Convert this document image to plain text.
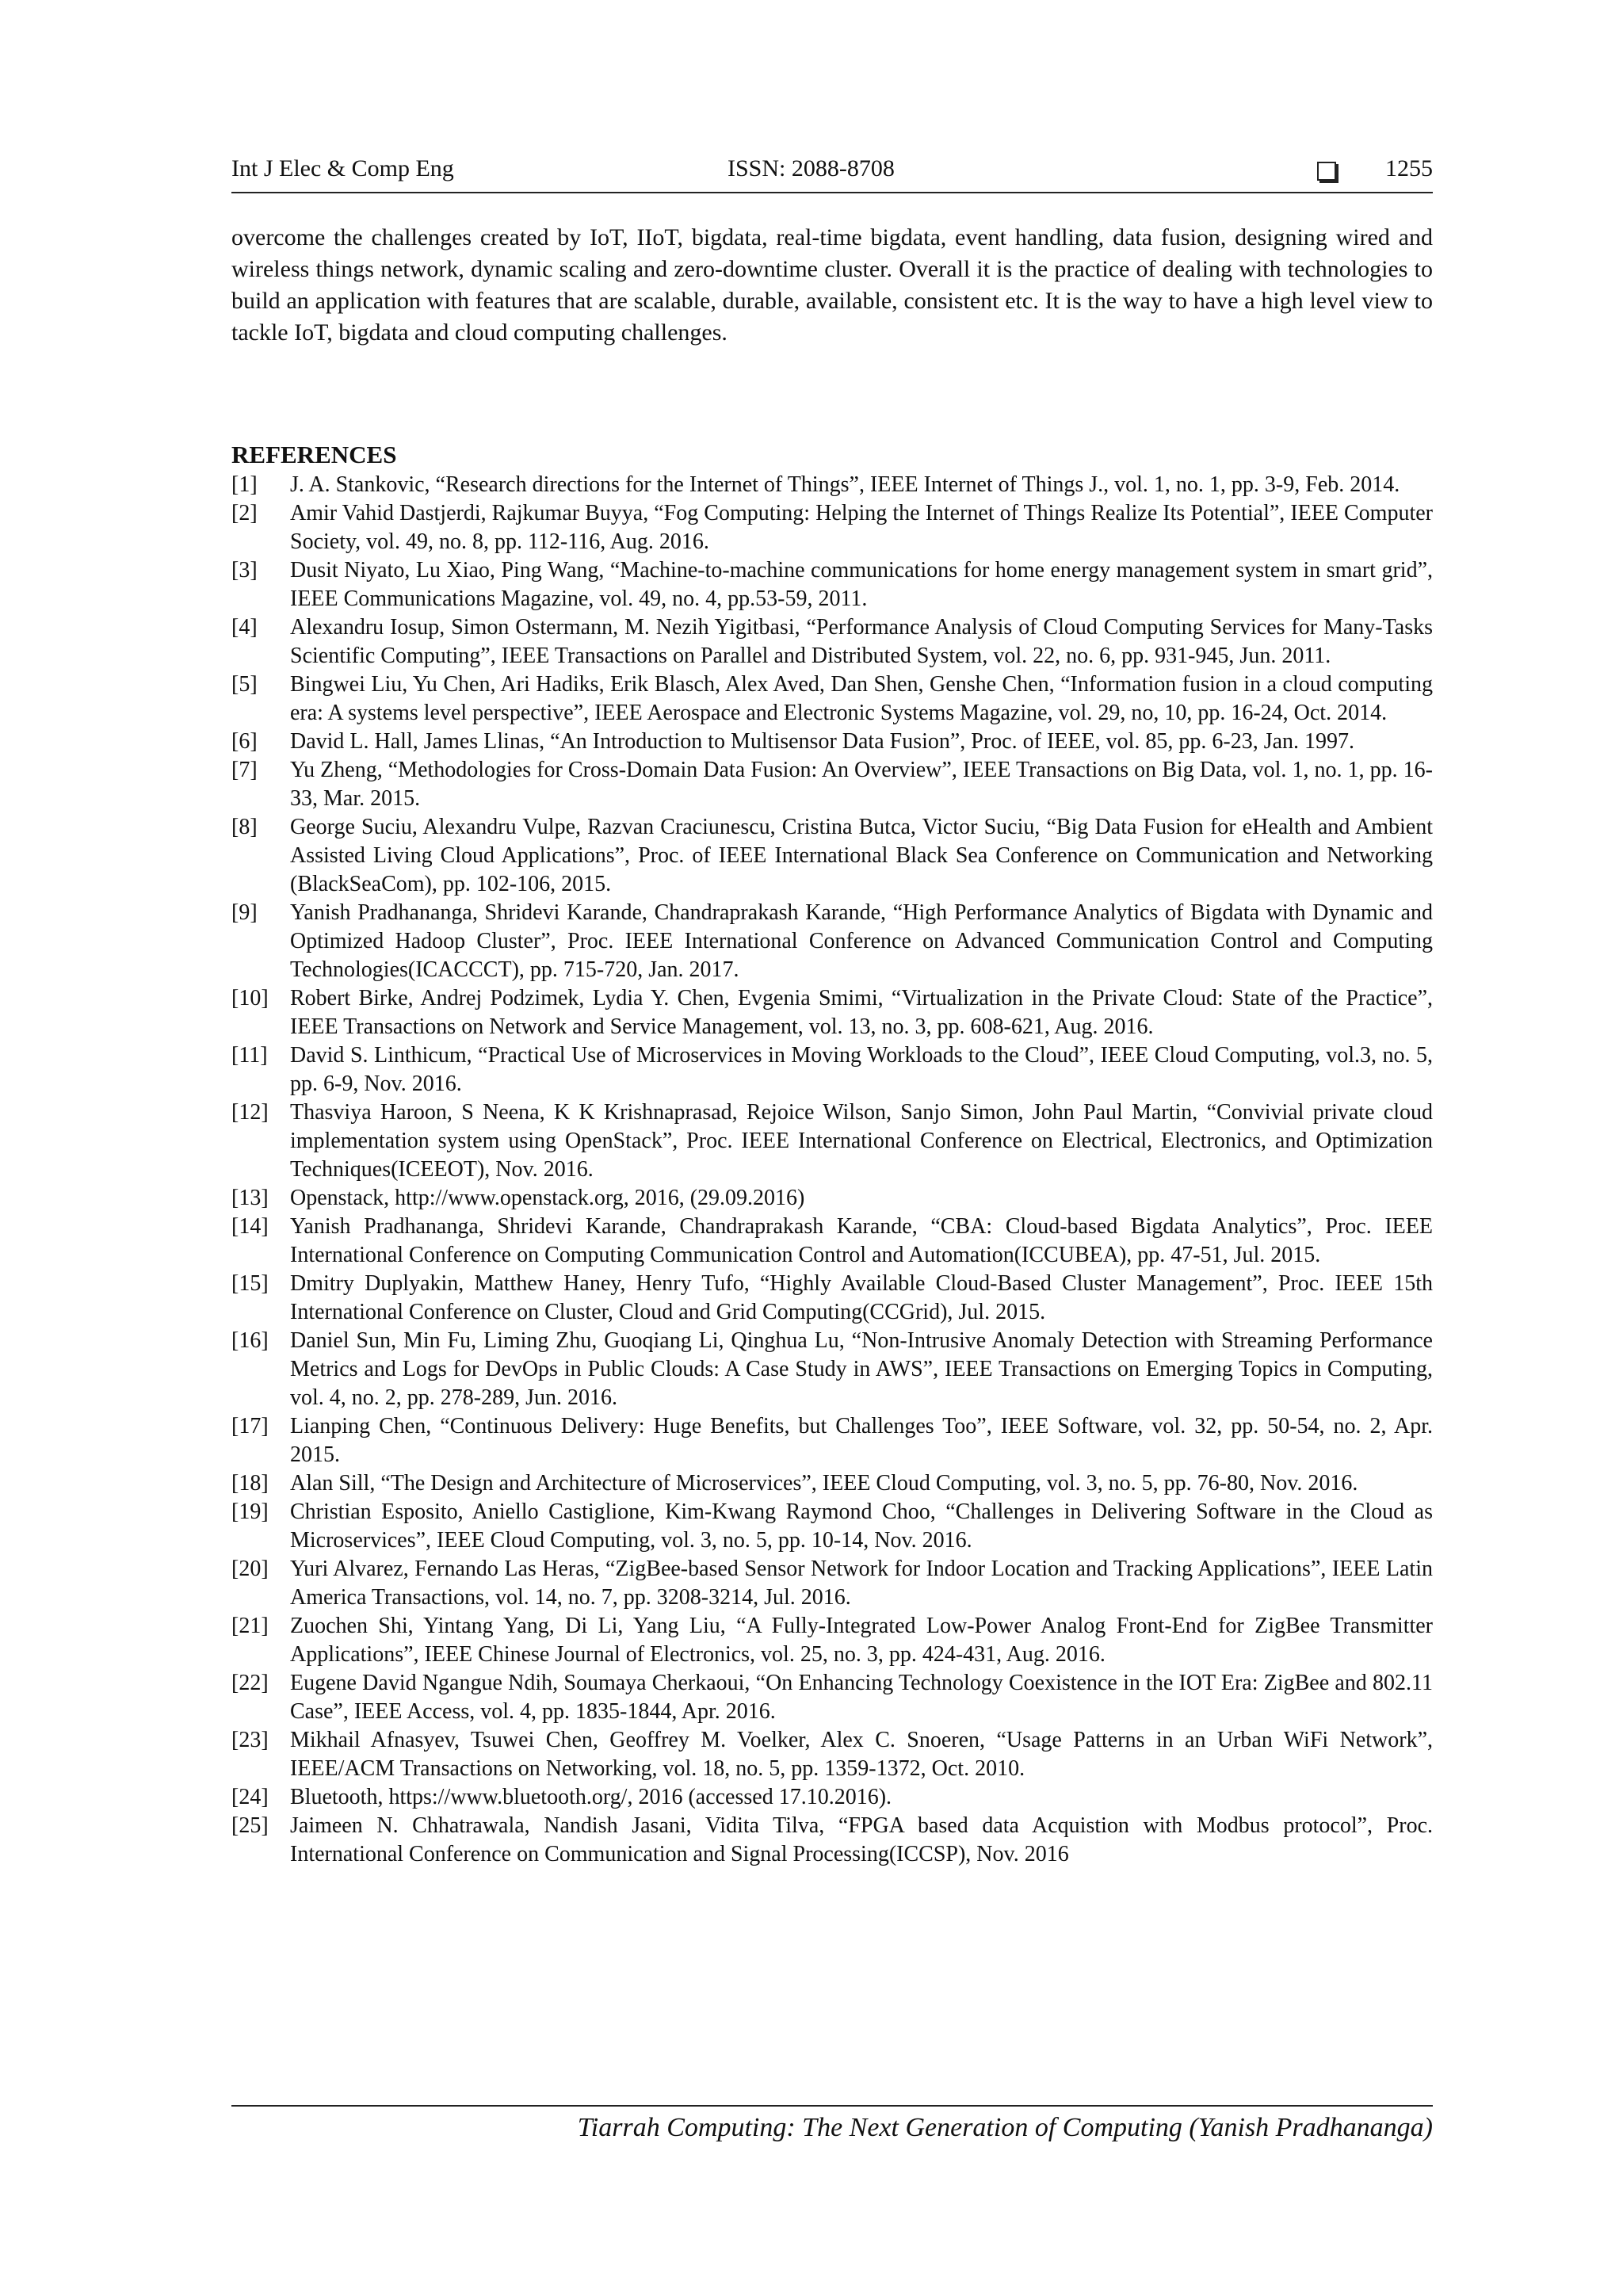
Int J Elec & Comp Eng	ISSN: 2088-8708	1255

overcome the challenges created by IoT, IIoT, bigdata, real-time bigdata, event handling, data fusion, designing wired and wireless things network, dynamic scaling and zero-downtime cluster. Overall it is the practice of dealing with technologies to build an application with features that are scalable, durable, available, consistent etc. It is the way to have a high level view to tackle IoT, bigdata and cloud computing challenges.

REFERENCES
[1]	J. A. Stankovic, “Research directions for the Internet of Things”, IEEE Internet of Things J., vol. 1, no. 1, pp. 3-9, Feb. 2014.
[2]	Amir Vahid Dastjerdi, Rajkumar Buyya, “Fog Computing: Helping the Internet of Things Realize Its Potential”, IEEE Computer Society, vol. 49, no. 8, pp. 112-116, Aug. 2016.
[3]	Dusit Niyato, Lu Xiao, Ping Wang, “Machine-to-machine communications for home energy management system in smart grid”, IEEE Communications Magazine, vol. 49, no. 4, pp.53-59, 2011.
[4]	Alexandru Iosup, Simon Ostermann, M. Nezih Yigitbasi, “Performance Analysis of Cloud Computing Services for Many-Tasks Scientific Computing”, IEEE Transactions on Parallel and Distributed System, vol. 22, no. 6, pp. 931-945, Jun. 2011.
[5]	Bingwei Liu, Yu Chen, Ari Hadiks, Erik Blasch, Alex Aved, Dan Shen, Genshe Chen, “Information fusion in a cloud computing era: A systems level perspective”, IEEE Aerospace and Electronic Systems Magazine, vol. 29, no, 10, pp. 16-24, Oct. 2014.
[6]	David L. Hall, James Llinas, “An Introduction to Multisensor Data Fusion”, Proc. of IEEE, vol. 85, pp. 6-23, Jan. 1997.
[7]	Yu Zheng, “Methodologies for Cross-Domain Data Fusion: An Overview”, IEEE Transactions on Big Data, vol. 1, no. 1, pp. 16-33, Mar. 2015.
[8]	George Suciu, Alexandru Vulpe, Razvan Craciunescu, Cristina Butca, Victor Suciu, “Big Data Fusion for eHealth and Ambient Assisted Living Cloud Applications”, Proc. of IEEE International Black Sea Conference on Communication and Networking (BlackSeaCom), pp. 102-106, 2015.
[9]	Yanish Pradhananga, Shridevi Karande, Chandraprakash Karande, “High Performance Analytics of Bigdata with Dynamic and Optimized Hadoop Cluster”, Proc. IEEE International Conference on Advanced Communication Control and Computing Technologies(ICACCCT), pp. 715-720, Jan. 2017.
[10] Robert Birke, Andrej Podzimek, Lydia Y. Chen, Evgenia Smimi, “Virtualization in the Private Cloud: State of the Practice”, IEEE Transactions on Network and Service Management, vol. 13, no. 3, pp. 608-621, Aug. 2016.
[11]	David S. Linthicum, “Practical Use of Microservices in Moving Workloads to the Cloud”, IEEE Cloud Computing, vol.3, no. 5, pp. 6-9, Nov. 2016.
[12] Thasviya Haroon, S Neena, K K Krishnaprasad, Rejoice Wilson, Sanjo Simon, John Paul Martin, “Convivial private cloud implementation system using OpenStack”, Proc. IEEE International Conference on Electrical, Electronics, and Optimization Techniques(ICEEOT), Nov. 2016.
[13] Openstack, http://www.openstack.org, 2016, (29.09.2016)
[14] Yanish Pradhananga, Shridevi Karande, Chandraprakash Karande, “CBA: Cloud-based Bigdata Analytics”, Proc. IEEE International Conference on Computing Communication Control and Automation(ICCUBEA), pp. 47-51, Jul. 2015.
[15] Dmitry Duplyakin, Matthew Haney, Henry Tufo, “Highly Available Cloud-Based Cluster Management”, Proc. IEEE 15th International Conference on Cluster, Cloud and Grid Computing(CCGrid), Jul. 2015.
[16] Daniel Sun, Min Fu, Liming Zhu, Guoqiang Li, Qinghua Lu, “Non-Intrusive Anomaly Detection with Streaming Performance Metrics and Logs for DevOps in Public Clouds: A Case Study in AWS”, IEEE Transactions on Emerging Topics in Computing, vol. 4, no. 2, pp. 278-289, Jun. 2016.
[17] Lianping Chen, “Continuous Delivery: Huge Benefits, but Challenges Too”, IEEE Software, vol. 32, pp. 50-54, no. 2, Apr. 2015.
[18] Alan Sill, “The Design and Architecture of Microservices”, IEEE Cloud Computing, vol. 3, no. 5, pp. 76-80, Nov. 2016.
[19] Christian Esposito, Aniello Castiglione, Kim-Kwang Raymond Choo, “Challenges in Delivering Software in the Cloud as Microservices”, IEEE Cloud Computing, vol. 3, no. 5, pp. 10-14, Nov. 2016.
[20] Yuri Alvarez, Fernando Las Heras, “ZigBee-based Sensor Network for Indoor Location and Tracking Applications”, IEEE Latin America Transactions, vol. 14, no. 7, pp. 3208-3214, Jul. 2016.
[21] Zuochen Shi, Yintang Yang, Di Li, Yang Liu, “A Fully-Integrated Low-Power Analog Front-End for ZigBee Transmitter Applications”, IEEE Chinese Journal of Electronics, vol. 25, no. 3, pp. 424-431, Aug. 2016.
[22] Eugene David Ngangue Ndih, Soumaya Cherkaoui, “On Enhancing Technology Coexistence in the IOT Era: ZigBee and 802.11 Case”, IEEE Access, vol. 4, pp. 1835-1844, Apr. 2016.
[23] Mikhail Afnasyev, Tsuwei Chen, Geoffrey M. Voelker, Alex C. Snoeren, “Usage Patterns in an Urban WiFi Network”, IEEE/ACM Transactions on Networking, vol. 18, no. 5, pp. 1359-1372, Oct. 2010.
[24] Bluetooth, https://www.bluetooth.org/, 2016 (accessed 17.10.2016).
[25] Jaimeen N. Chhatrawala, Nandish Jasani, Vidita Tilva, “FPGA based data Acquistion with Modbus protocol”, Proc. International Conference on Communication and Signal Processing(ICCSP), Nov. 2016
Tiarrah Computing: The Next Generation of Computing (Yanish Pradhananga)
